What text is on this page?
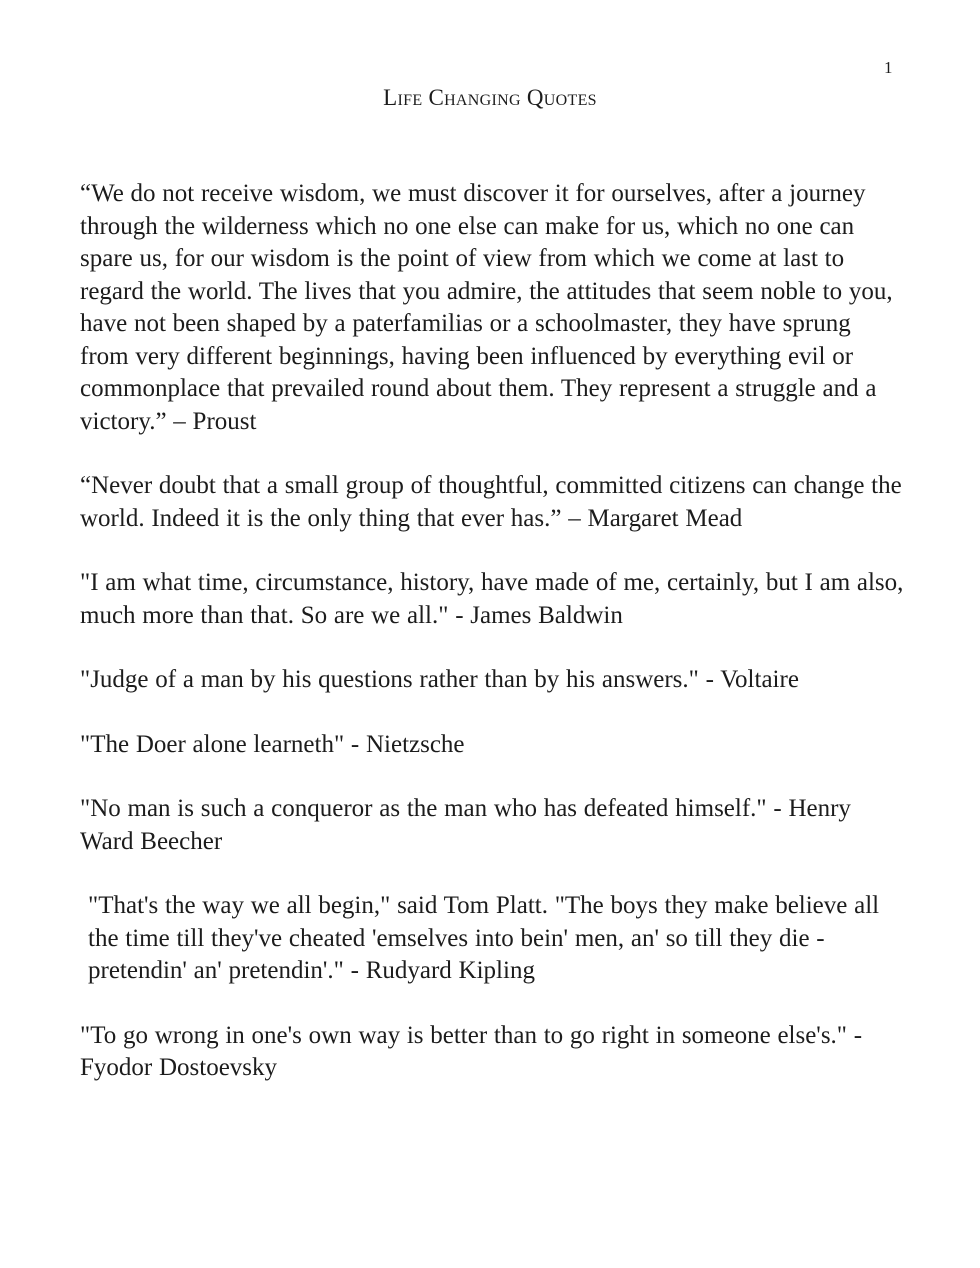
1
Life Changing Quotes

“We do not receive wisdom, we must discover it for ourselves, after a journey through the wilderness which no one else can make for us, which no one can spare us, for our wisdom is the point of view from which we come at last to regard the world. The lives that you admire, the attitudes that seem noble to you, have not been shaped by a paterfamilias or a schoolmaster, they have sprung from very different beginnings, having been influenced by everything evil or commonplace that prevailed round about them. They represent a struggle and a victory.” – Proust

“Never doubt that a small group of thoughtful, committed citizens can change the world. Indeed it is the only thing that ever has.” – Margaret Mead

"I am what time, circumstance, history, have made of me, certainly, but I am also, much more than that. So are we all." - James Baldwin

"Judge of a man by his questions rather than by his answers." - Voltaire

"The Doer alone learneth" - Nietzsche

"No man is such a conqueror as the man who has defeated himself." - Henry Ward Beecher

"That's the way we all begin," said Tom Platt. "The boys they make believe all the time till they've cheated 'emselves into bein' men, an' so till they die - pretendin' an' pretendin'." - Rudyard Kipling

"To go wrong in one's own way is better than to go right in someone else's." - Fyodor Dostoevsky
